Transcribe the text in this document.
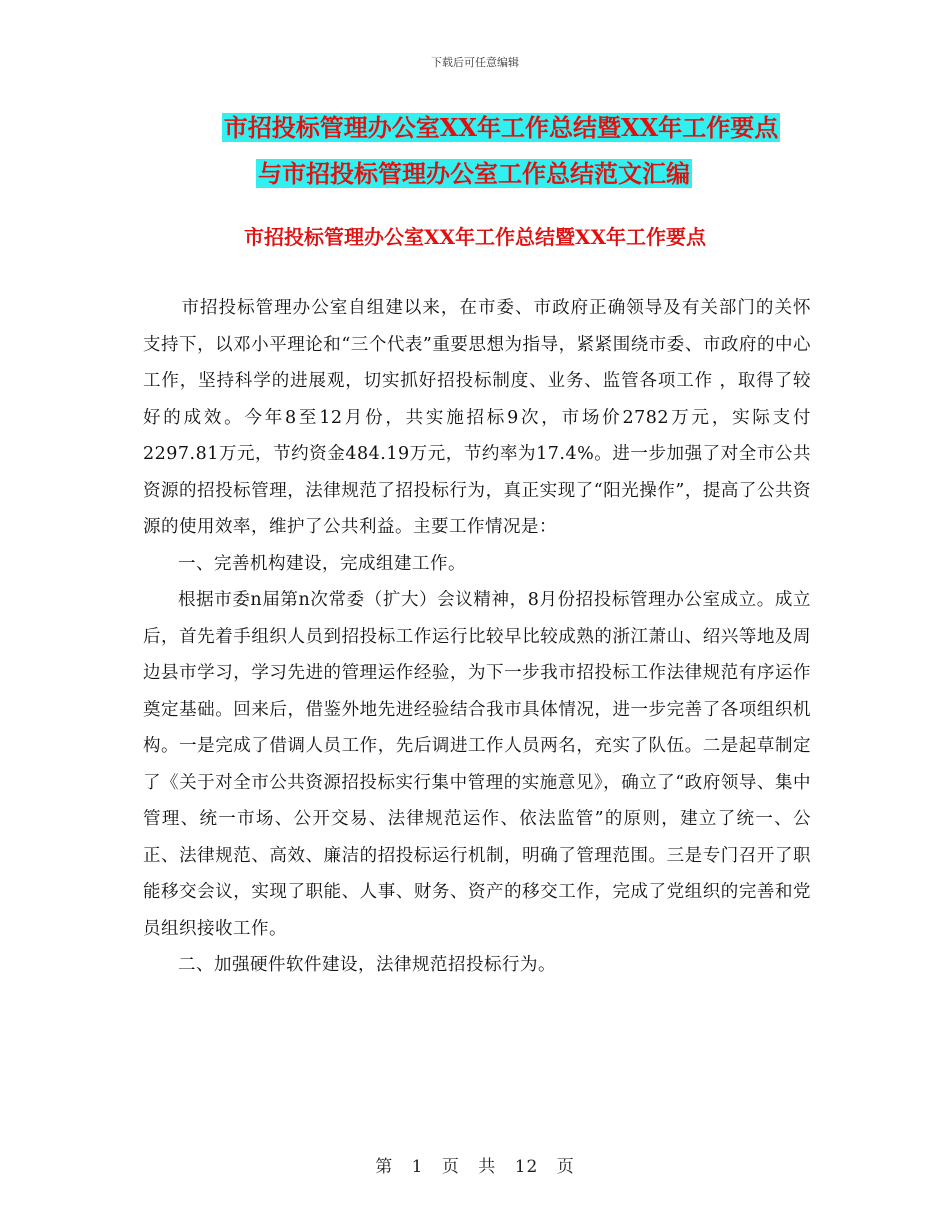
下载后可任意编辑
市招投标管理办公室XX年工作总结暨XX年工作要点
与市招投标管理办公室工作总结范文汇编
市招投标管理办公室XX年工作总结暨XX年工作要点

市招投标管理办公室自组建以来，在市委、市政府正确领导及有关部门的关怀支持下，以邓小平理论和“三个代表”重要思想为指导，紧紧围绕市委、市政府的中心工作，坚持科学的进展观，切实抓好招投标制度、业务、监管各项工作 ，取得了较好的成效。今年8至12月份，共实施招标9次，市场价2782万元，实际支付2297.81万元，节约资金484.19万元，节约率为17.4%。进一步加强了对全市公共资源的招投标管理，法律规范了招投标行为，真正实现了“阳光操作”，提高了公共资源的使用效率，维护了公共利益。主要工作情况是：

一、完善机构建设，完成组建工作。

根据市委n届第n次常委（扩大）会议精神，8月份招投标管理办公室成立。成立后，首先着手组织人员到招投标工作运行比较早比较成熟的浙江萧山、绍兴等地及周边县市学习，学习先进的管理运作经验，为下一步我市招投标工作法律规范有序运作奠定基础。回来后，借鉴外地先进经验结合我市具体情况，进一步完善了各项组织机构。一是完成了借调人员工作，先后调进工作人员两名，充实了队伍。二是起草制定了《关于对全市公共资源招投标实行集中管理的实施意见》，确立了“政府领导、集中管理、统一市场、公开交易、法律规范运作、依法监管”的原则，建立了统一、公正、法律规范、高效、廉洁的招投标运行机制，明确了管理范围。三是专门召开了职能移交会议，实现了职能、人事、财务、资产的移交工作，完成了党组织的完善和党员组织接收工作。

二、加强硬件软件建设，法律规范招投标行为。

第 1 页 共 12 页
